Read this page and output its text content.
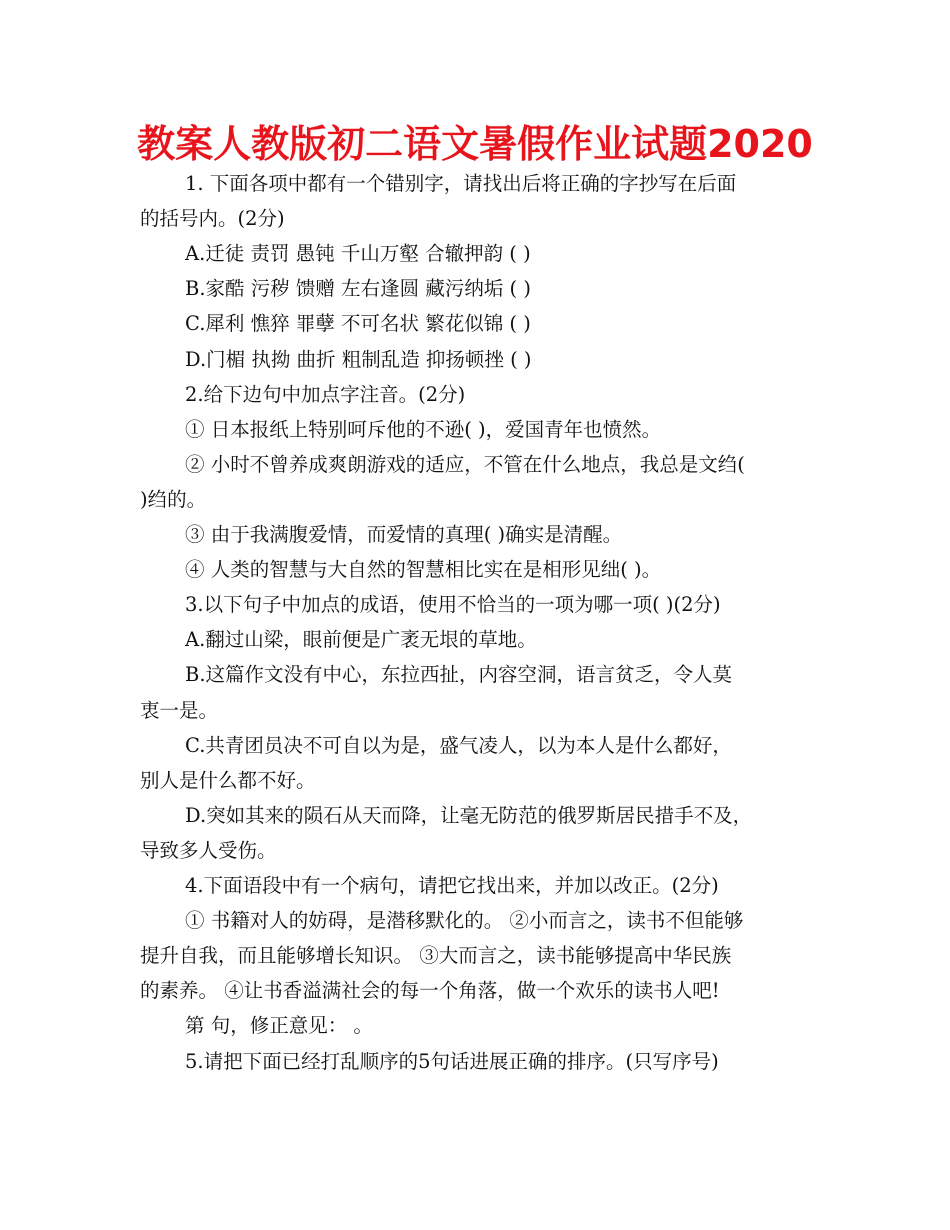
教案人教版初二语文暑假作业试题2020
1. 下面各项中都有一个错别字，请找出后将正确的字抄写在后面
的括号内。(2分)
A.迁徒 责罚 愚钝 千山万壑 合辙押韵 ( )
B.家酷 污秽 馈赠 左右逢圆 藏污纳垢 ( )
C.犀利 憔猝 罪孽 不可名状 繁花似锦 ( )
D.门楣 执拗 曲折 粗制乱造 抑扬顿挫 ( )
2.给下边句中加点字注音。(2分)
① 日本报纸上特别呵斥他的不逊( )，爱国青年也愤然。
② 小时不曾养成爽朗游戏的适应，不管在什么地点，我总是文绉(
)绉的。
③ 由于我满腹爱情，而爱情的真理( )确实是清醒。
④ 人类的智慧与大自然的智慧相比实在是相形见绌( )。
3.以下句子中加点的成语，使用不恰当的一项为哪一项( )(2分)
A.翻过山梁，眼前便是广袤无垠的草地。
B.这篇作文没有中心，东拉西扯，内容空洞，语言贫乏，令人莫
衷一是。
C.共青团员决不可自以为是，盛气凌人，以为本人是什么都好，
别人是什么都不好。
D.突如其来的陨石从天而降，让毫无防范的俄罗斯居民措手不及，
导致多人受伤。
4.下面语段中有一个病句，请把它找出来，并加以改正。(2分)
① 书籍对人的妨碍，是潜移默化的。 ②小而言之，读书不但能够
提升自我，而且能够增长知识。 ③大而言之，读书能够提高中华民族
的素养。 ④让书香溢满社会的每一个角落，做一个欢乐的读书人吧!
第 句，修正意见： 。
5.请把下面已经打乱顺序的5句话进展正确的排序。(只写序号)
